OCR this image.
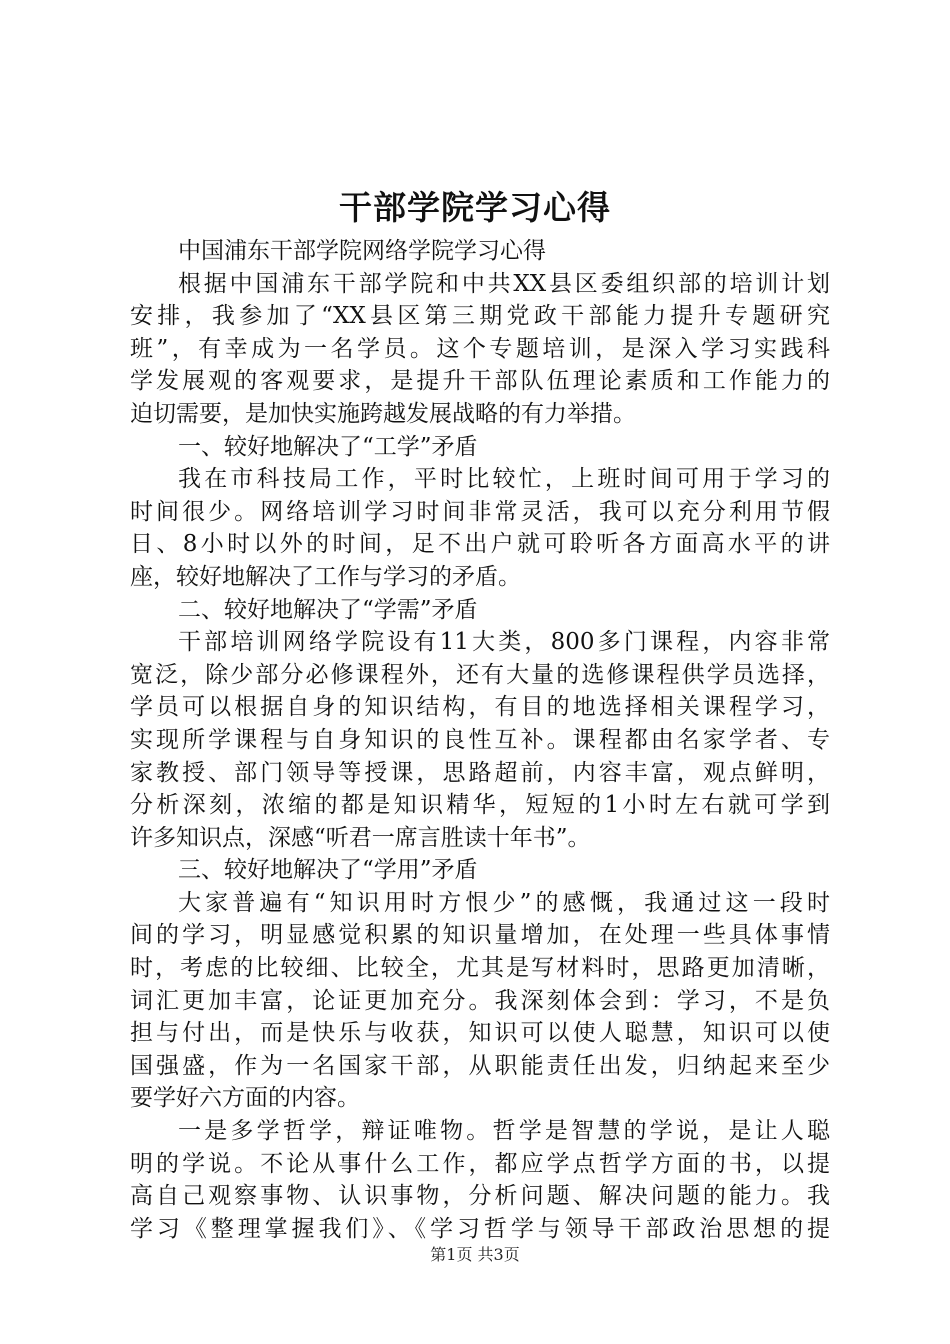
干部学院学习心得
中国浦东干部学院网络学院学习心得
根据中国浦东干部学院和中共XX县区委组织部的培训计划
安排，我参加了“XX县区第三期党政干部能力提升专题研究
班”，有幸成为一名学员。这个专题培训，是深入学习实践科
学发展观的客观要求，是提升干部队伍理论素质和工作能力的
迫切需要，是加快实施跨越发展战略的有力举措。
一、较好地解决了“工学”矛盾
我在市科技局工作，平时比较忙，上班时间可用于学习的
时间很少。网络培训学习时间非常灵活，我可以充分利用节假
日、8小时以外的时间，足不出户就可聆听各方面高水平的讲
座，较好地解决了工作与学习的矛盾。
二、较好地解决了“学需”矛盾
干部培训网络学院设有11大类，800多门课程，内容非常
宽泛，除少部分必修课程外，还有大量的选修课程供学员选择，
学员可以根据自身的知识结构，有目的地选择相关课程学习，
实现所学课程与自身知识的良性互补。课程都由名家学者、专
家教授、部门领导等授课，思路超前，内容丰富，观点鲜明，
分析深刻，浓缩的都是知识精华，短短的1小时左右就可学到
许多知识点，深感“听君一席言胜读十年书”。
三、较好地解决了“学用”矛盾
大家普遍有“知识用时方恨少”的感慨，我通过这一段时
间的学习，明显感觉积累的知识量增加，在处理一些具体事情
时，考虑的比较细、比较全，尤其是写材料时，思路更加清晰，
词汇更加丰富，论证更加充分。我深刻体会到：学习，不是负
担与付出，而是快乐与收获，知识可以使人聪慧，知识可以使
国强盛，作为一名国家干部，从职能责任出发，归纳起来至少
要学好六方面的内容。
一是多学哲学，辩证唯物。哲学是智慧的学说，是让人聪
明的学说。不论从事什么工作，都应学点哲学方面的书，以提
高自己观察事物、认识事物，分析问题、解决问题的能力。我
学习《整理掌握我们》、《学习哲学与领导干部政治思想的提
第1页 共3页
